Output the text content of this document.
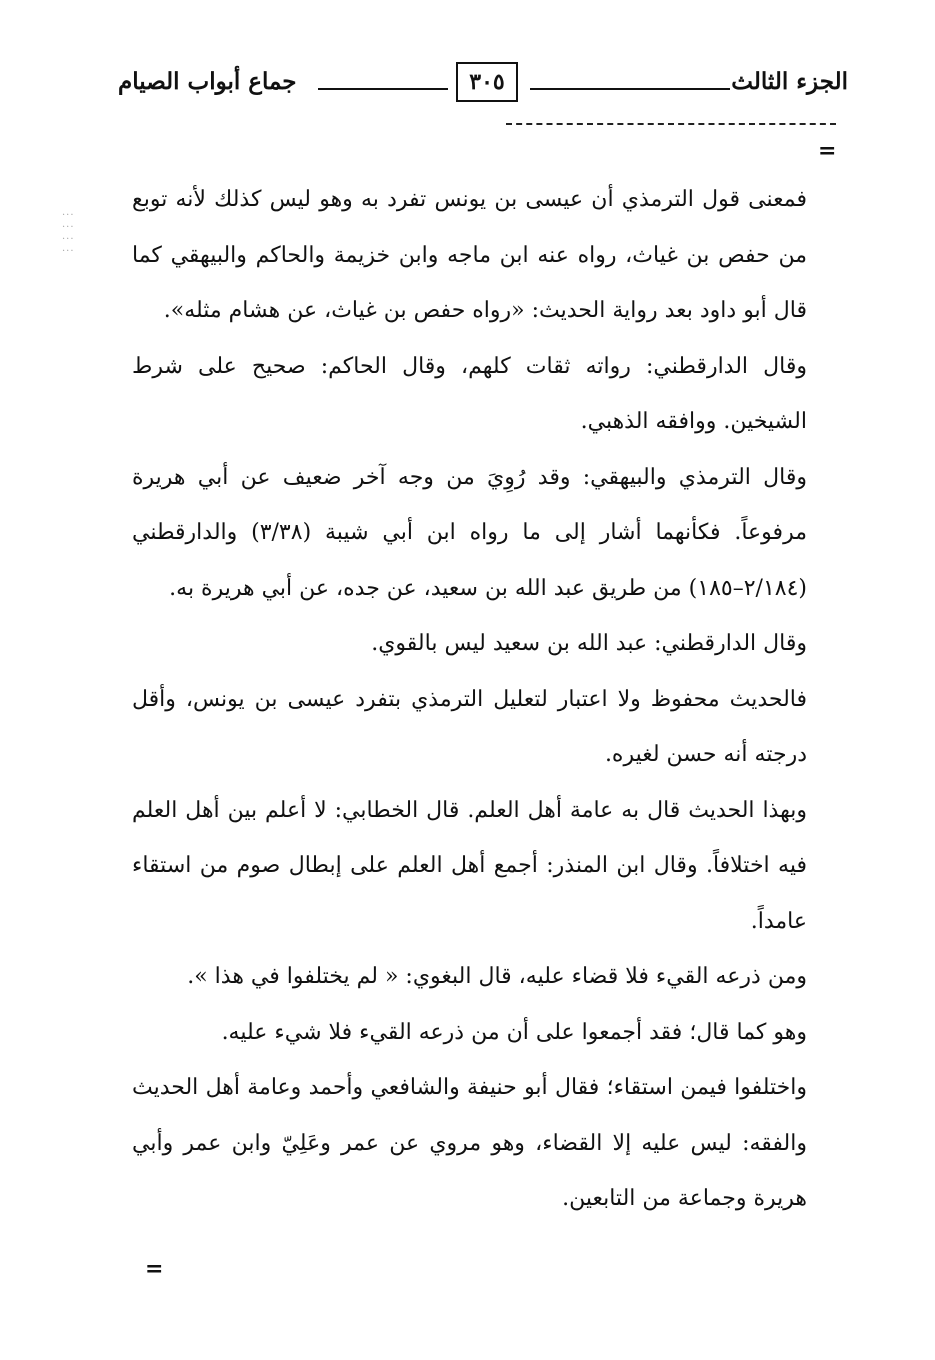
الجزء الثالث
٣٠٥
جماع أبواب الصيام
=
···
···
···
···

فمعنى قول الترمذي أن عيسى بن يونس تفرد به وهو ليس كذلك لأنه توبع من حفص بن غياث، رواه عنه ابن ماجه وابن خزيمة والحاكم والبيهقي كما قال أبو داود بعد رواية الحديث: «رواه حفص بن غياث، عن هشام مثله».

وقال الدارقطني: رواته ثقات كلهم، وقال الحاكم: صحيح على شرط الشيخين. ووافقه الذهبي.

وقال الترمذي والبيهقي: وقد رُوِيَ من وجه آخر ضعيف عن أبي هريرة مرفوعاً. فكأنهما أشار إلى ما رواه ابن أبي شيبة (٣/٣٨) والدارقطني (٢/١٨٤–١٨٥) من طريق عبد الله بن سعيد، عن جده، عن أبي هريرة به.

وقال الدارقطني: عبد الله بن سعيد ليس بالقوي.

فالحديث محفوظ ولا اعتبار لتعليل الترمذي بتفرد عيسى بن يونس، وأقل درجته أنه حسن لغيره.

وبهذا الحديث قال به عامة أهل العلم. قال الخطابي: لا أعلم بين أهل العلم فيه اختلافاً. وقال ابن المنذر: أجمع أهل العلم على إبطال صوم من استقاء عامداً.

ومن ذرعه القيء فلا قضاء عليه، قال البغوي: « لم يختلفوا في هذا ».

وهو كما قال؛ فقد أجمعوا على أن من ذرعه القيء فلا شيء عليه.

واختلفوا فيمن استقاء؛ فقال أبو حنيفة والشافعي وأحمد وعامة أهل الحديث والفقه: ليس عليه إلا القضاء، وهو مروي عن عمر وعَلِيّ وابن عمر وأبي هريرة وجماعة من التابعين.

=
